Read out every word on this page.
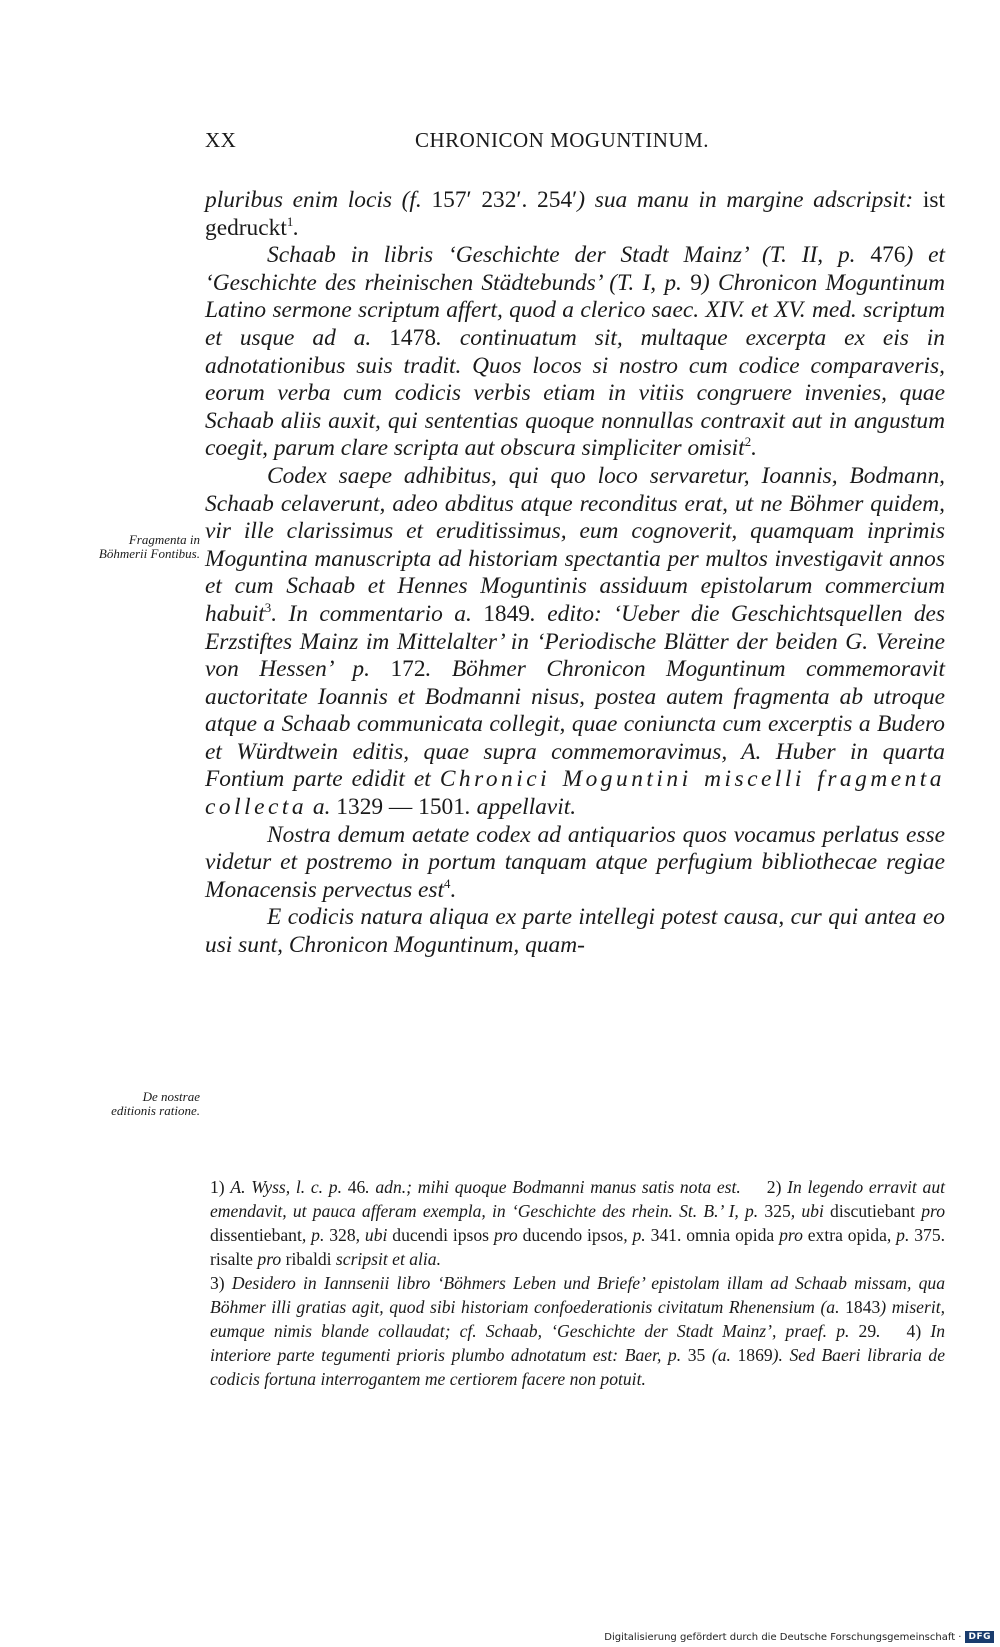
XX	CHRONICON MOGUNTINUM.
Fragmenta in Böhmerii Fontibus.
De nostrae editionis ratione.

pluribus enim locis (f. 157′ 232′. 254′) sua manu in margine adscripsit: ist gedruckt$^1$.

Schaab in libris ‘Geschichte der Stadt Mainz’ (T. II, p. 476) et ‘Geschichte des rheinischen Städtebunds’ (T. I, p. 9) Chronicon Moguntinum Latino sermone scriptum affert, quod a clerico saec. XIV. et XV. med. scriptum et usque ad a. 1478. continuatum sit, multaque excerpta ex eis in adnotationibus suis tradit. Quos locos si nostro cum codice comparaveris, eorum verba cum codicis verbis etiam in vitiis congruere invenies, quae Schaab aliis auxit, qui sententias quoque nonnullas contraxit aut in angustum coegit, parum clare scripta aut obscura simpliciter omisit$^2$.

Codex saepe adhibitus, qui quo loco servaretur, Ioannis, Bodmann, Schaab celaverunt, adeo abditus atque reconditus erat, ut ne Böhmer quidem, vir ille clarissimus et eruditissimus, eum cognoverit, quamquam inprimis Moguntina manuscripta ad historiam spectantia per multos investigavit annos et cum Schaab et Hennes Moguntinis assiduum epistolarum commercium habuit$^3$. In commentario a. 1849. edito: ‘Ueber die Geschichtsquellen des Erzstiftes Mainz im Mittelalter’ in ‘Periodische Blätter der beiden G. Vereine von Hessen’ p. 172. Böhmer Chronicon Moguntinum commemoravit auctoritate Ioannis et Bodmanni nisus, postea autem fragmenta ab utroque atque a Schaab communicata collegit, quae coniuncta cum excerptis a Budero et Würdtwein editis, quae supra commemoravimus, A. Huber in quarta Fontium parte edidit et Chronici Moguntini miscelli fragmenta collecta a. 1329 — 1501. appellavit.

Nostra demum aetate codex ad antiquarios quos vocamus perlatus esse videtur et postremo in portum tanquam atque perfugium bibliothecae regiae Monacensis pervectus est$^4$.

E codicis natura aliqua ex parte intellegi potest causa, cur qui antea eo usi sunt, Chronicon Moguntinum, quam-

1) A. Wyss, l. c. p. 46. adn.; mihi quoque Bodmanni manus satis nota est. 2) In legendo erravit aut emendavit, ut pauca afferam exempla, in ‘Geschichte des rhein. St. B.’ I, p. 325, ubi discutiebant pro dissentiebant, p. 328, ubi ducendi ipsos pro ducendo ipsos, p. 341. omnia opida pro extra opida, p. 375. risalte pro ribaldi scripsit et alia.
3) Desidero in Iannsenii libro ‘Böhmers Leben und Briefe’ epistolam illam ad Schaab missam, qua Böhmer illi gratias agit, quod sibi historiam confoederationis civitatum Rhenensium (a. 1843) miserit, eumque nimis blande collaudat; cf. Schaab, ‘Geschichte der Stadt Mainz’, praef. p. 29. 4) In interiore parte tegumenti prioris plumbo adnotatum est: Baer, p. 35 (a. 1869). Sed Baeri libraria de codicis fortuna interrogantem me certiorem facere non potuit.
Digitalisierung gefördert durch die Deutsche Forschungsgemeinschaft · DFG
